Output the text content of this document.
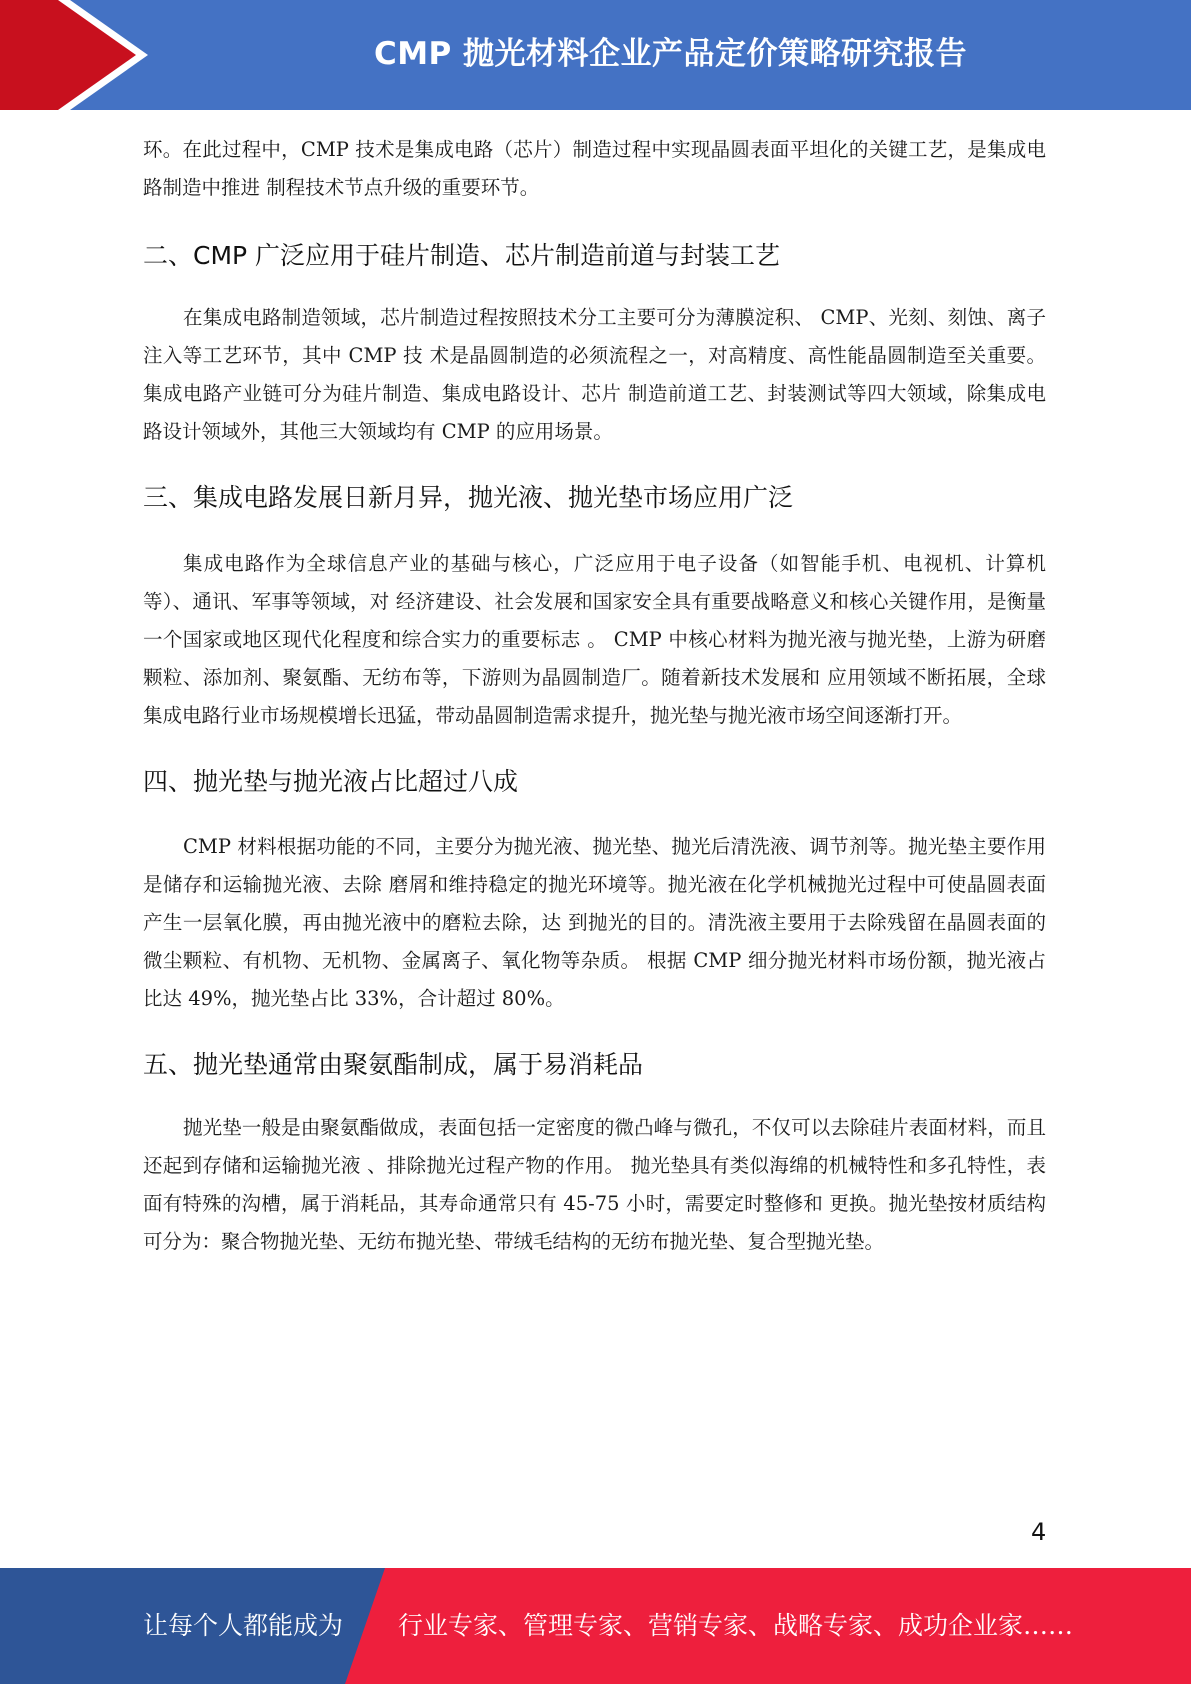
CMP 抛光材料企业产品定价策略研究报告

环。在此过程中，CMP 技术是集成电路（芯片）制造过程中实现晶圆表面平坦化的关键工艺，是集成电路制造中推进 制程技术节点升级的重要环节。

二、CMP 广泛应用于硅片制造、芯片制造前道与封装工艺

在集成电路制造领域，芯片制造过程按照技术分工主要可分为薄膜淀积、 CMP、光刻、刻蚀、离子注入等工艺环节，其中 CMP 技 术是晶圆制造的必须流程之一，对高精度、高性能晶圆制造至关重要。集成电路产业链可分为硅片制造、集成电路设计、芯片 制造前道工艺、封装测试等四大领域，除集成电路设计领域外，其他三大领域均有 CMP 的应用场景。

三、集成电路发展日新月异，抛光液、抛光垫市场应用广泛

集成电路作为全球信息产业的基础与核心，广泛应用于电子设备（如智能手机、电视机、计算机等）、通讯、军事等领域，对 经济建设、社会发展和国家安全具有重要战略意义和核心关键作用，是衡量一个国家或地区现代化程度和综合实力的重要标志 。 CMP 中核心材料为抛光液与抛光垫，上游为研磨颗粒、添加剂、聚氨酯、无纺布等，下游则为晶圆制造厂。随着新技术发展和 应用领域不断拓展，全球集成电路行业市场规模增长迅猛，带动晶圆制造需求提升，抛光垫与抛光液市场空间逐渐打开。

四、抛光垫与抛光液占比超过八成

CMP 材料根据功能的不同，主要分为抛光液、抛光垫、抛光后清洗液、调节剂等。抛光垫主要作用是储存和运输抛光液、去除 磨屑和维持稳定的抛光环境等。抛光液在化学机械抛光过程中可使晶圆表面产生一层氧化膜，再由抛光液中的磨粒去除，达 到抛光的目的。清洗液主要用于去除残留在晶圆表面的微尘颗粒、有机物、无机物、金属离子、氧化物等杂质。 根据 CMP 细分抛光材料市场份额，抛光液占比达 49%，抛光垫占比 33%，合计超过 80%。

五、抛光垫通常由聚氨酯制成，属于易消耗品

抛光垫一般是由聚氨酯做成，表面包括一定密度的微凸峰与微孔，不仅可以去除硅片表面材料，而且还起到存储和运输抛光液 、排除抛光过程产物的作用。 抛光垫具有类似海绵的机械特性和多孔特性，表面有特殊的沟槽，属于消耗品，其寿命通常只有 45-75 小时，需要定时整修和 更换。抛光垫按材质结构可分为：聚合物抛光垫、无纺布抛光垫、带绒毛结构的无纺布抛光垫、复合型抛光垫。

4
让每个人都能成为 行业专家、管理专家、营销专家、战略专家、成功企业家……
